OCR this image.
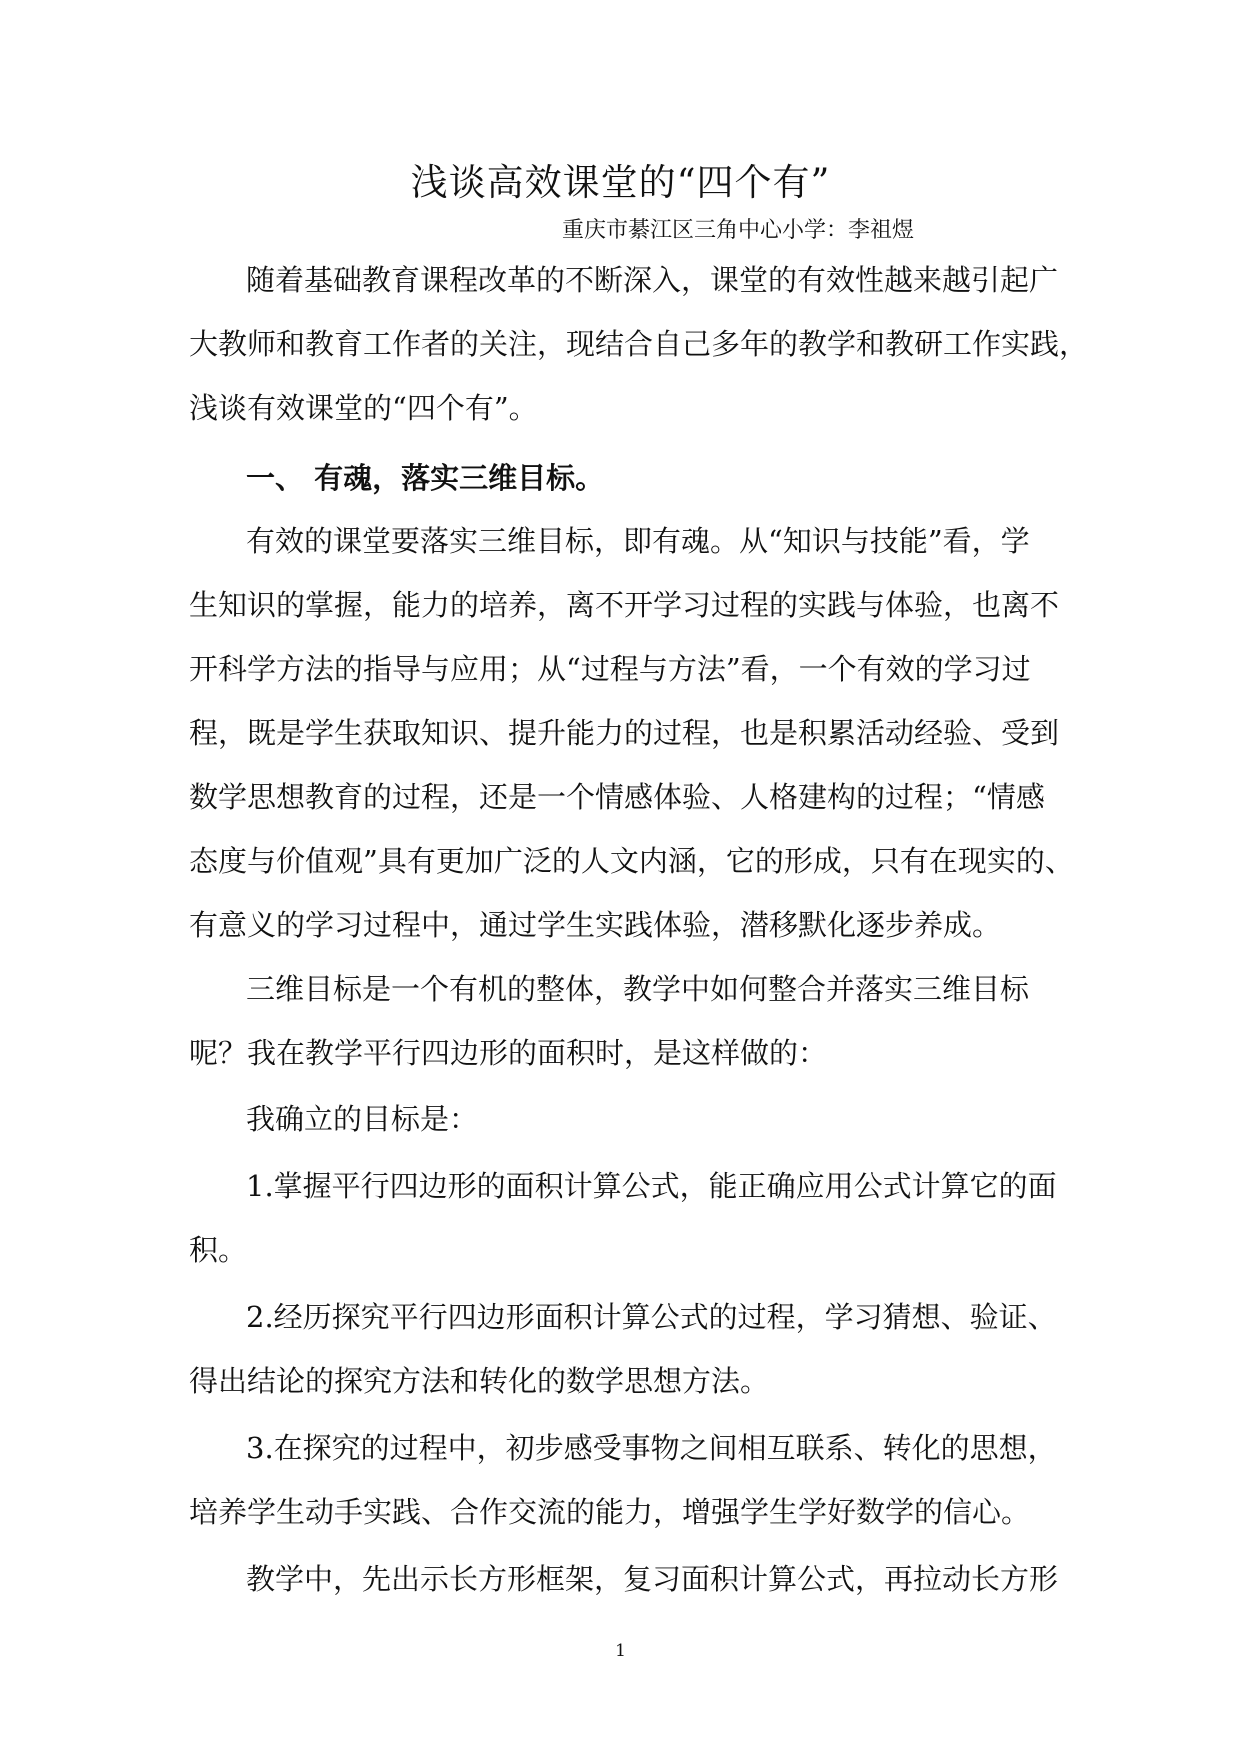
浅谈高效课堂的“四个有”
重庆市綦江区三角中心小学：李祖煜
随着基础教育课程改革的不断深入，课堂的有效性越来越引起广
大教师和教育工作者的关注，现结合自己多年的教学和教研工作实践，
浅谈有效课堂的“四个有”。
一、 有魂，落实三维目标。
有效的课堂要落实三维目标，即有魂。从“知识与技能”看，学
生知识的掌握，能力的培养，离不开学习过程的实践与体验，也离不
开科学方法的指导与应用；从“过程与方法”看，一个有效的学习过
程，既是学生获取知识、提升能力的过程，也是积累活动经验、受到
数学思想教育的过程，还是一个情感体验、人格建构的过程；“情感
态度与价值观”具有更加广泛的人文内涵，它的形成，只有在现实的、
有意义的学习过程中，通过学生实践体验，潜移默化逐步养成。
三维目标是一个有机的整体，教学中如何整合并落实三维目标
呢？我在教学平行四边形的面积时，是这样做的：
我确立的目标是：
1.掌握平行四边形的面积计算公式，能正确应用公式计算它的面
积。
2.经历探究平行四边形面积计算公式的过程，学习猜想、验证、
得出结论的探究方法和转化的数学思想方法。
3.在探究的过程中，初步感受事物之间相互联系、转化的思想，
培养学生动手实践、合作交流的能力，增强学生学好数学的信心。
教学中，先出示长方形框架，复习面积计算公式，再拉动长方形
1
